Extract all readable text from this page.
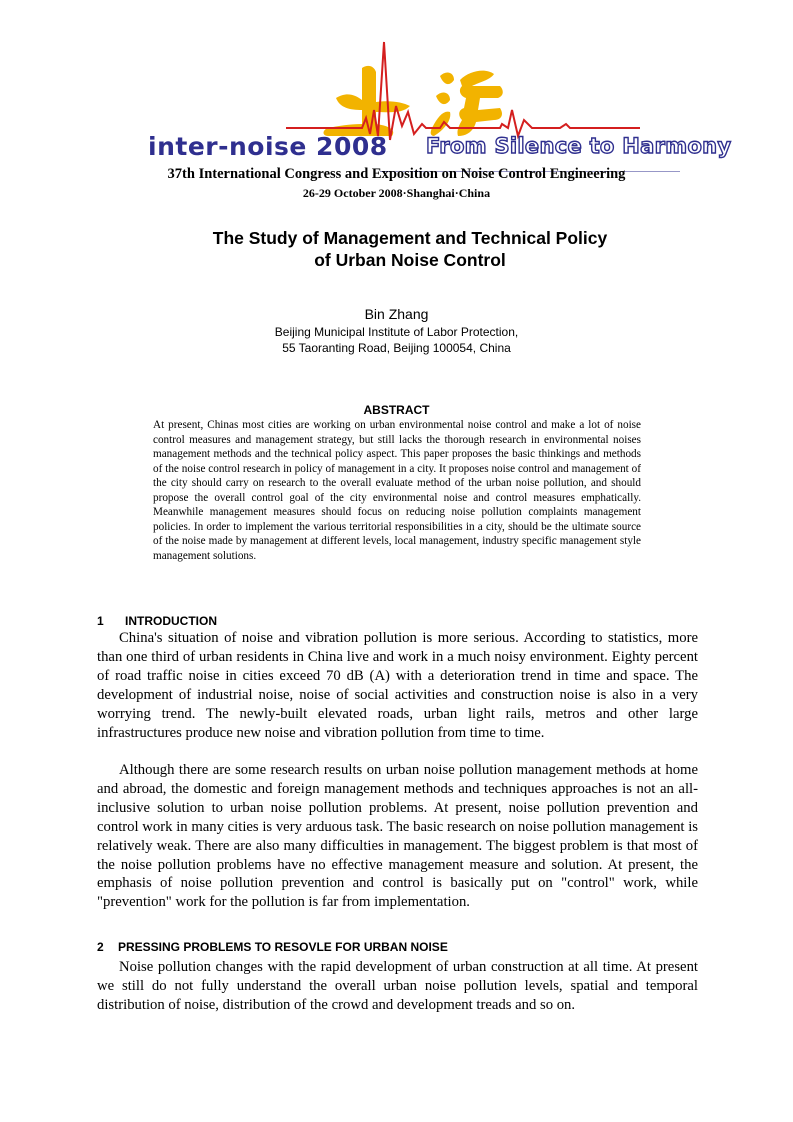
inter-noise 2008 From Silence to Harmony
37th International Congress and Exposition on Noise Control Engineering
26-29 October 2008·Shanghai·China
The Study of Management and Technical Policy
of Urban Noise Control
Bin Zhang
Beijing Municipal Institute of Labor Protection,
55 Taoranting Road, Beijing 100054, China
ABSTRACT
At present, Chinas most cities are working on urban environmental noise control and make a lot of noise control measures and management strategy, but still lacks the thorough research in environmental noises management methods and the technical policy aspect. This paper proposes the basic thinkings and methods of the noise control research in policy of management in a city. It proposes noise control and management of the city should carry on research to the overall evaluate method of the urban noise pollution, and should propose the overall control goal of the city environmental noise and control measures emphatically. Meanwhile management measures should focus on reducing noise pollution complaints management policies. In order to implement the various territorial responsibilities in a city, should be the ultimate source of the noise made by management at different levels, local management, industry specific management style management solutions.
1 INTRODUCTION

China's situation of noise and vibration pollution is more serious. According to statistics, more than one third of urban residents in China live and work in a much noisy environment. Eighty percent of road traffic noise in cities exceed 70 dB (A) with a deterioration trend in time and space. The development of industrial noise, noise of social activities and construction noise is also in a very worrying trend. The newly-built elevated roads, urban light rails, metros and other large infrastructures produce new noise and vibration pollution from time to time.

Although there are some research results on urban noise pollution management methods at home and abroad, the domestic and foreign management methods and techniques approaches is not an all-inclusive solution to urban noise pollution problems. At present, noise pollution prevention and control work in many cities is very arduous task. The basic research on noise pollution management is relatively weak. There are also many difficulties in management. The biggest problem is that most of the noise pollution problems have no effective management measure and solution. At present, the emphasis of noise pollution prevention and control is basically put on "control" work, while "prevention" work for the pollution is far from implementation.

2 PRESSING PROBLEMS TO RESOVLE FOR URBAN NOISE

Noise pollution changes with the rapid development of urban construction at all time. At present we still do not fully understand the overall urban noise pollution levels, spatial and temporal distribution of noise, distribution of the crowd and development treads and so on.
